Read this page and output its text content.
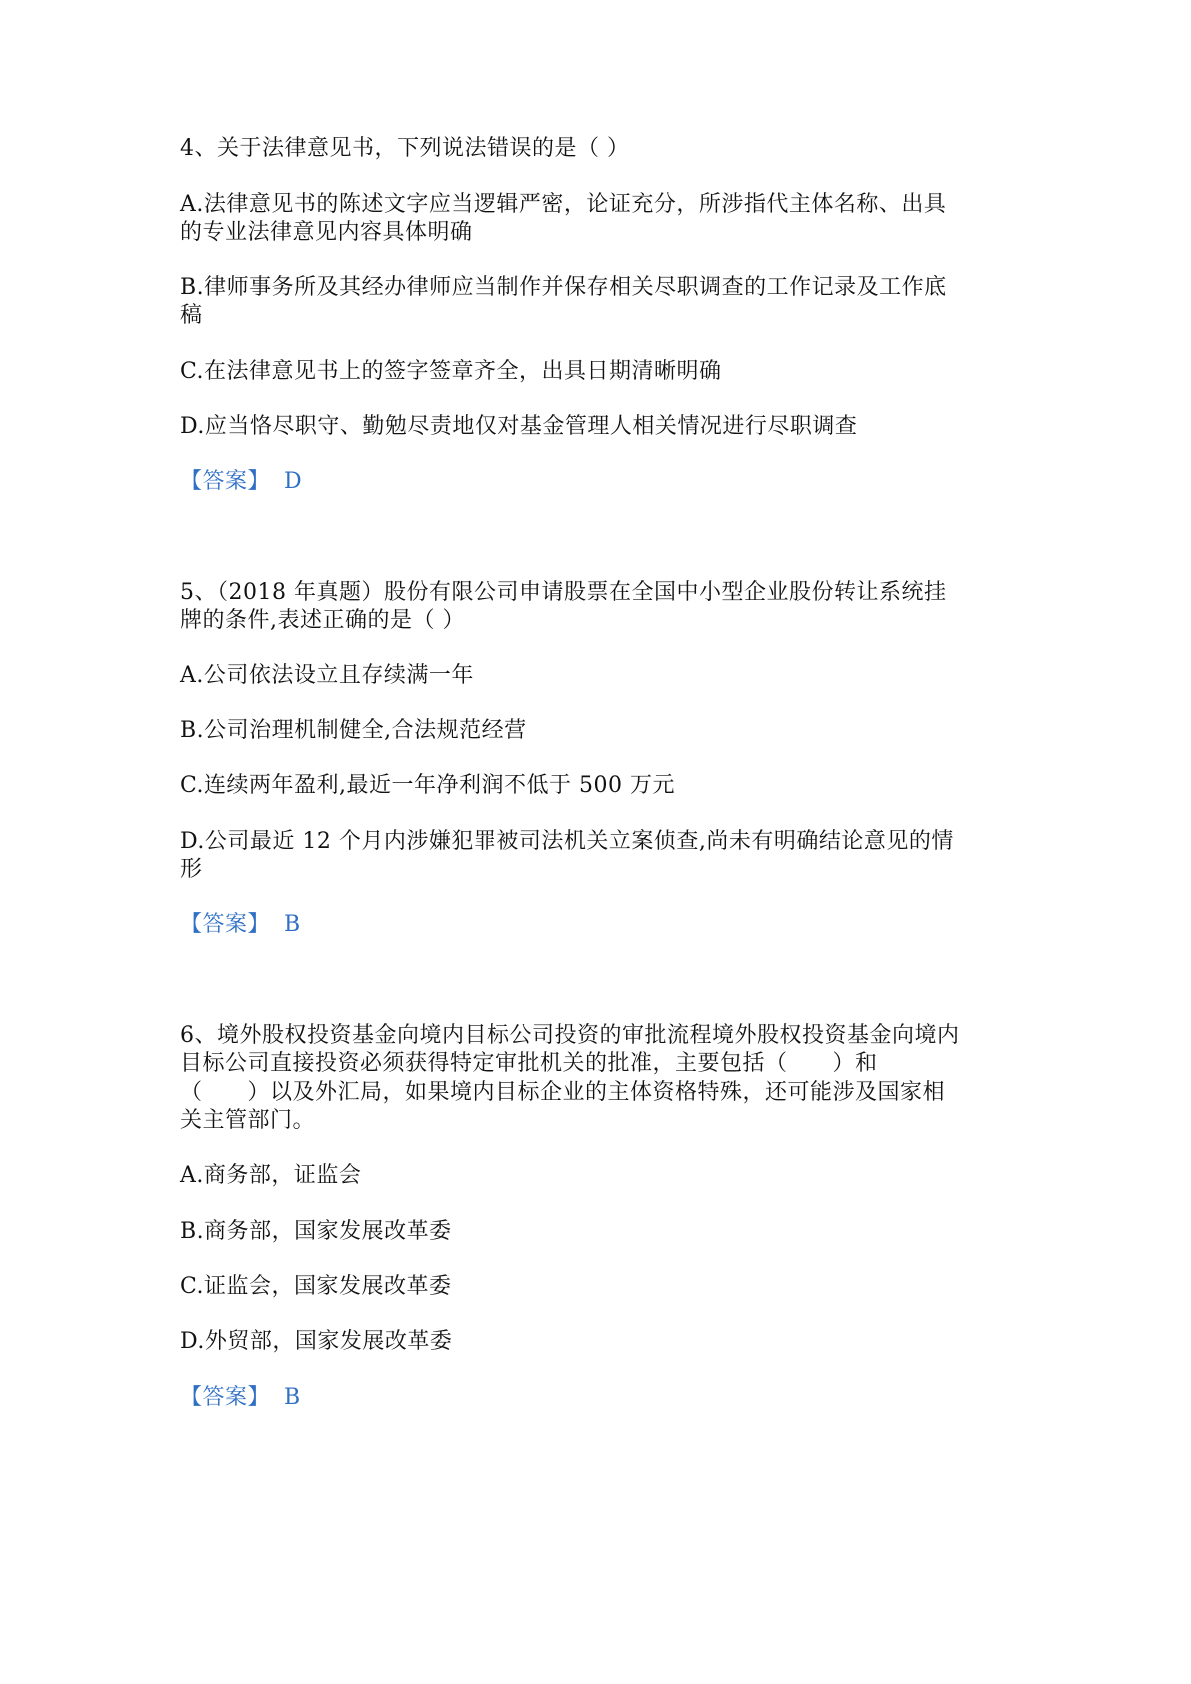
4、关于法律意见书，下列说法错误的是（ ）
A.法律意见书的陈述文字应当逻辑严密，论证充分，所涉指代主体名称、出具
的专业法律意见内容具体明确
B.律师事务所及其经办律师应当制作并保存相关尽职调查的工作记录及工作底
稿
C.在法律意见书上的签字签章齐全，出具日期清晰明确
D.应当恪尽职守、勤勉尽责地仅对基金管理人相关情况进行尽职调查
【答案】 D
5、（2018 年真题）股份有限公司申请股票在全国中小型企业股份转让系统挂
牌的条件,表述正确的是（ ）
A.公司依法设立且存续满一年
B.公司治理机制健全,合法规范经营
C.连续两年盈利,最近一年净利润不低于 500 万元
D.公司最近 12 个月内涉嫌犯罪被司法机关立案侦查,尚未有明确结论意见的情
形
【答案】 B
6、境外股权投资基金向境内目标公司投资的审批流程境外股权投资基金向境内
目标公司直接投资必须获得特定审批机关的批准，主要包括（　　）和
（　　）以及外汇局，如果境内目标企业的主体资格特殊，还可能涉及国家相
关主管部门。
A.商务部，证监会
B.商务部，国家发展改革委
C.证监会，国家发展改革委
D.外贸部，国家发展改革委
【答案】 B
